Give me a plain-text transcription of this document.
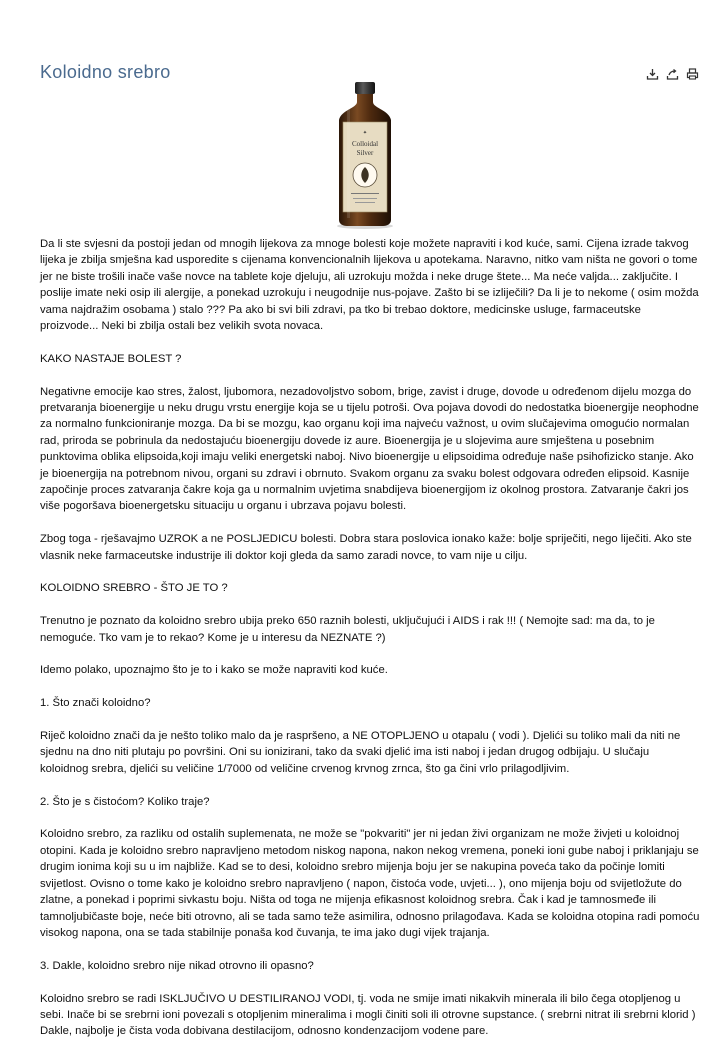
Koloidno srebro
✦
Colloidal
Silver

Da li ste svjesni da postoji jedan od mnogih lijekova za mnoge bolesti koje možete napraviti i kod kuće, sami. Cijena izrade takvog lijeka je zbilja smješna kad usporedite s cijenama konvencionalnih lijekova u apotekama. Naravno, nitko vam ništa ne govori o tome jer ne biste trošili inače vaše novce na tablete koje djeluju, ali uzrokuju možda i neke druge štete... Ma neće valjda... zaključite. I poslije imate neki osip ili alergije, a ponekad uzrokuju i neugodnije nus-pojave. Zašto bi se izliječili? Da li je to nekome ( osim možda vama najdražim osobama ) stalo ??? Pa ako bi svi bili zdravi, pa tko bi trebao doktore, medicinske usluge, farmaceutske proizvode... Neki bi zbilja ostali bez velikih svota novaca.

KAKO NASTAJE BOLEST ?

Negativne emocije kao stres, žalost, ljubomora, nezadovoljstvo sobom, brige, zavist i druge, dovode u određenom dijelu mozga do pretvaranja bioenergije u neku drugu vrstu energije koja se u tijelu potroši. Ova pojava dovodi do nedostatka bioenergije neophodne za normalno funkcioniranje mozga. Da bi se mozgu, kao organu koji ima najveću važnost, u ovim slučajevima omogućio normalan rad, priroda se pobrinula da nedostajuću bioenergiju dovede iz aure. Bioenergija je u slojevima aure smještena u posebnim punktovima oblika elipsoida,koji imaju veliki energetski naboj. Nivo bioenergije u elipsoidima određuje naše psihofizicko stanje. Ako je bioenergija na potrebnom nivou, organi su zdravi i obrnuto. Svakom organu za svaku bolest odgovara određen elipsoid. Kasnije započinje proces zatvaranja čakre koja ga u normalnim uvjetima snabdijeva bioenergijom iz okolnog prostora. Zatvaranje čakri jos više pogoršava bioenergetsku situaciju u organu i ubrzava pojavu bolesti.

Zbog toga - rješavajmo UZROK a ne POSLJEDICU bolesti. Dobra stara poslovica ionako kaže: bolje spriječiti, nego liječiti. Ako ste vlasnik neke farmaceutske industrije ili doktor koji gleda da samo zaradi novce, to vam nije u cilju.

KOLOIDNO SREBRO - ŠTO JE TO ?

Trenutno je poznato da koloidno srebro ubija preko 650 raznih bolesti, uključujući i AIDS i rak !!! ( Nemojte sad: ma da, to je nemoguće. Tko vam je to rekao? Kome je u interesu da NEZNATE ?)

Idemo polako, upoznajmo što je to i kako se može napraviti kod kuće.

1. Što znači koloidno?

Riječ koloidno znači da je nešto toliko malo da je raspršeno, a NE OTOPLJENO u otapalu ( vodi ). Djelići su toliko mali da niti ne sjednu na dno niti plutaju po površini. Oni su ionizirani, tako da svaki djelić ima isti naboj i jedan drugog odbijaju. U slučaju koloidnog srebra, djelići su veličine 1/7000 od veličine crvenog krvnog zrnca, što ga čini vrlo prilagodljivim.

2. Što je s čistoćom? Koliko traje?

Koloidno srebro, za razliku od ostalih suplemenata, ne može se "pokvariti" jer ni jedan živi organizam ne može živjeti u koloidnoj otopini. Kada je koloidno srebro napravljeno metodom niskog napona, nakon nekog vremena, poneki ioni gube naboj i priklanjaju se drugim ionima koji su u im najbliže. Kad se to desi, koloidno srebro mijenja boju jer se nakupina poveća tako da počinje lomiti svijetlost. Ovisno o tome kako je koloidno srebro napravljeno ( napon, čistoća vode, uvjeti... ), ono mijenja boju od svijetložute do zlatne, a ponekad i poprimi sivkastu boju. Ništa od toga ne mijenja efikasnost koloidnog srebra. Čak i kad je tamnosmeđe ili tamnoljubičaste boje, neće biti otrovno, ali se tada samo teže asimilira, odnosno prilagođava. Kada se koloidna otopina radi pomoću visokog napona, ona se tada stabilnije ponaša kod čuvanja, te ima jako dugi vijek trajanja.

3. Dakle, koloidno srebro nije nikad otrovno ili opasno?

Koloidno srebro se radi ISKLJUČIVO U DESTILIRANOJ VODI, tj. voda ne smije imati nikakvih minerala ili bilo čega otopljenog u sebi. Inače bi se srebrni ioni povezali s otopljenim mineralima i mogli činiti soli ili otrovne supstance. ( srebrni nitrat ili srebrni klorid ) Dakle, najbolje je čista voda dobivana destilacijom, odnosno kondenzacijom vodene pare.
